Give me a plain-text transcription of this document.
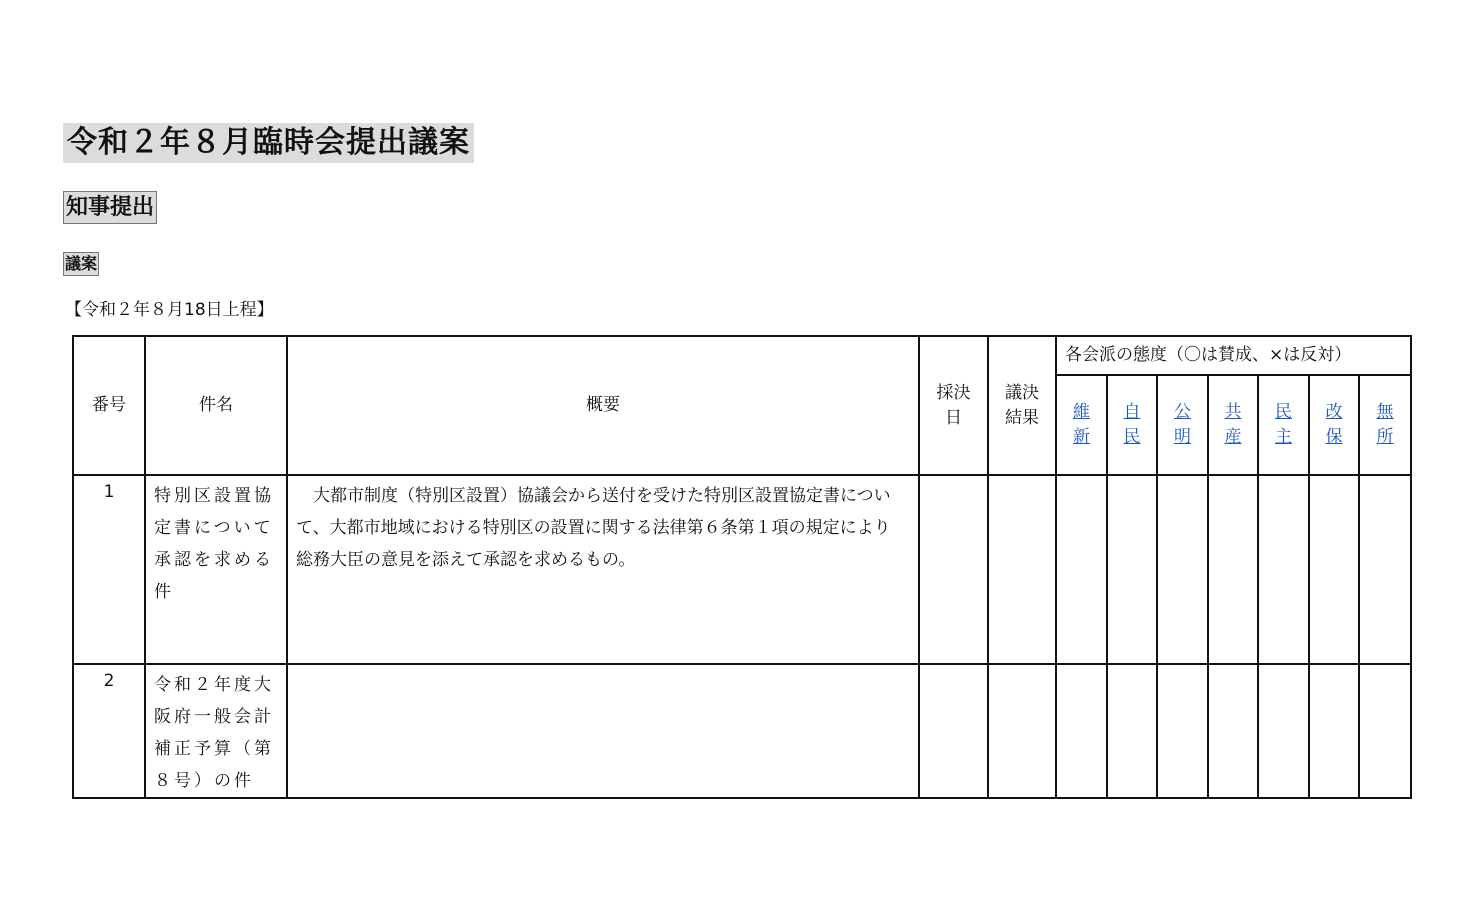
令和２年８月臨時会提出議案
知事提出
議案
【令和２年８月18日上程】
番号	件名	概要	採決日	議決結果	各会派の態度（〇は賛成、×は反対）						
					維新	自民	公明	共産	民主	改保	無所
1	特別区設置協定書について承認を求める件	　大都市制度（特別区設置）協議会から送付を受けた特別区設置協定書について、大都市地域における特別区の設置に関する法律第６条第１項の規定により総務大臣の意見を添えて承認を求めるもの。									
2	令和２年度大阪府一般会計補正予算（第８号）の件										
